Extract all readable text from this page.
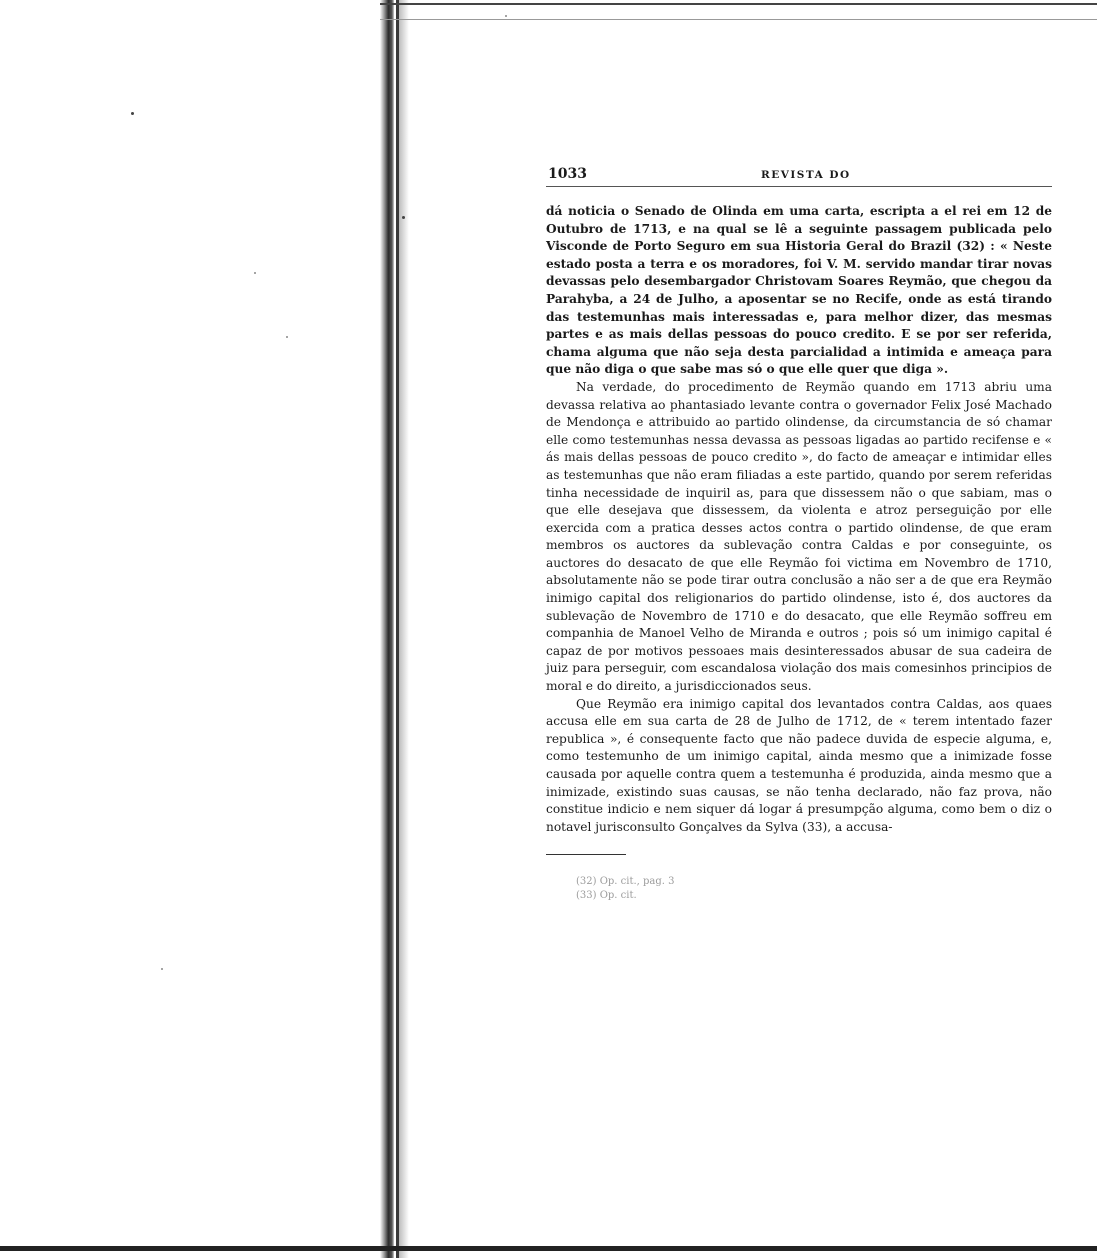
1033	REVISTA DO

dá noticia o Senado de Olinda em uma carta, escripta a el rei em 12 de Outubro de 1713, e na qual se lê a seguinte passagem publicada pelo Visconde de Porto Seguro em sua Historia Geral do Brazil (32) : « Neste estado posta a terra e os moradores, foi V. M. servido mandar tirar novas devassas pelo desembargador Christovam Soares Reymão, que chegou da Parahyba, a 24 de Julho, a aposentar se no Recife, onde as está tirando das testemunhas mais interessadas e, para melhor dizer, das mesmas partes e as mais dellas pessoas do pouco credito. E se por ser referida, chama alguma que não seja desta parcialidad a intimida e ameaça para que não diga o que sabe mas só o que elle quer que diga ».

Na verdade, do procedimento de Reymão quando em 1713 abriu uma devassa relativa ao phantasiado levante contra o governador Felix José Machado de Mendonça e attribuido ao partido olindense, da circumstancia de só chamar elle como testemunhas nessa devassa as pessoas ligadas ao partido recifense e « ás mais dellas pessoas de pouco credito », do facto de ameaçar e intimidar elles as testemunhas que não eram filiadas a este partido, quando por serem referidas tinha necessidade de inquiril as, para que dissessem não o que sabiam, mas o que elle desejava que dissessem, da violenta e atroz perseguição por elle exercida com a pratica desses actos contra o partido olindense, de que eram membros os auctores da sublevação contra Caldas e por conseguinte, os auctores do desacato de que elle Reymão foi victima em Novembro de 1710, absolutamente não se pode tirar outra conclusão a não ser a de que era Reymão inimigo capital dos religionarios do partido olindense, isto é, dos auctores da sublevação de Novembro de 1710 e do desacato, que elle Reymão soffreu em companhia de Manoel Velho de Miranda e outros ; pois só um inimigo capital é capaz de por motivos pessoaes mais desinteressados abusar de sua cadeira de juiz para perseguir, com escandalosa violação dos mais comesinhos principios de moral e do direito, a jurisdiccionados seus.

Que Reymão era inimigo capital dos levantados contra Caldas, aos quaes accusa elle em sua carta de 28 de Julho de 1712, de « terem intentado fazer republica », é consequente facto que não padece duvida de especie alguma, e, como testemunho de um inimigo capital, ainda mesmo que a inimizade fosse causada por aquelle contra quem a testemunha é produzida, ainda mesmo que a inimizade, existindo suas causas, se não tenha declarado, não faz prova, não constitue indicio e nem siquer dá logar á presumpção alguma, como bem o diz o notavel jurisconsulto Gonçalves da Sylva (33), a accusa-

(32) Op. cit., pag. 3
(33) Op. cit.
